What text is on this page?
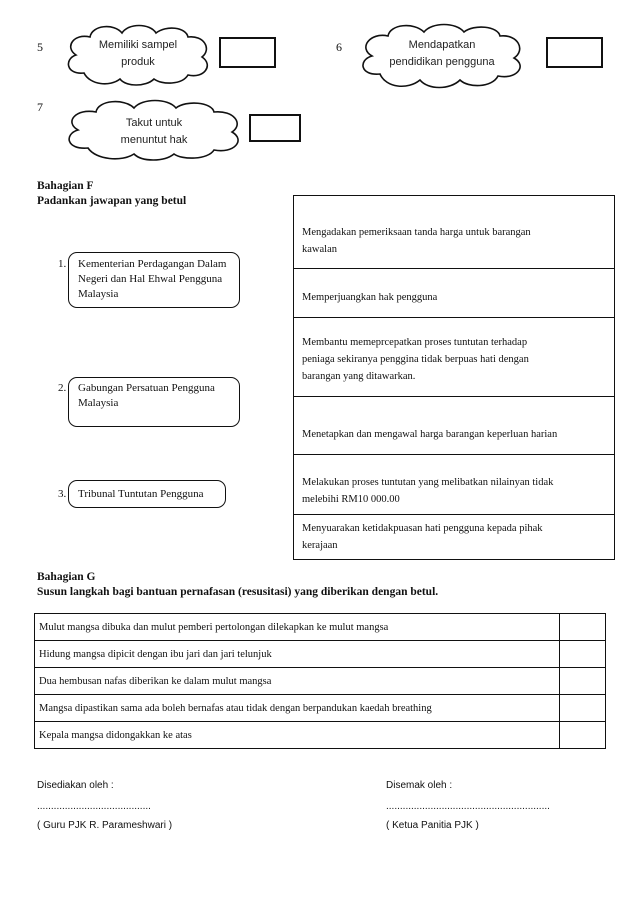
5	Memiliki sampel
produk
6	Mendapatkan
pendidikan pengguna
7
Takut untuk
menuntut hak
Bahagian F
Padankan jawapan yang betul
1. Kementerian Perdagangan Dalam
Negeri dan Hal Ehwal Pengguna
Malaysia
2. Gabungan Persatuan Pengguna
Malaysia
3. Tribunal Tuntutan Pengguna
Mengadakan pemeriksaan tanda harga untuk barangan
kawalan
Memperjuangkan hak pengguna
Membantu memeprcepatkan proses tuntutan terhadap
peniaga sekiranya penggina tidak berpuas hati dengan
barangan yang ditawarkan.
Menetapkan dan mengawal harga barangan keperluan harian
Melakukan proses tuntutan yang melibatkan nilainyan tidak
melebihi RM10 000.00
Menyuarakan ketidakpuasan hati pengguna kepada pihak
kerajaan
Bahagian G
Susun langkah bagi bantuan pernafasan (resusitasi) yang diberikan dengan betul.
Mulut mangsa dibuka dan mulut pemberi pertolongan dilekapkan ke mulut mangsa	
Hidung mangsa dipicit dengan ibu jari dan jari telunjuk	
Dua hembusan nafas diberikan ke dalam mulut mangsa	
Mangsa dipastikan sama ada boleh bernafas atau tidak dengan berpandukan kaedah breathing	
Kepala mangsa didongakkan ke atas	
Disediakan oleh :
.........................................
( Guru PJK R. Parameshwari )
Disemak oleh :
...........................................................
( Ketua Panitia PJK )
